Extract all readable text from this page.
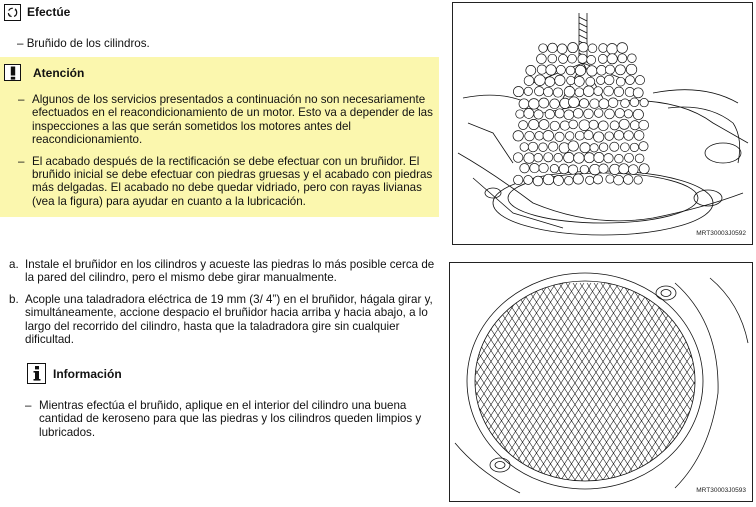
Efectúe
– Bruñido de los cilindros.
Atención
– Algunos de los servicios presentados a continuación no son necesariamente efectuados en el reacondicionamiento de un motor. Esto va a depender de las inspecciones a las que serán sometidos los motores antes del reacondicionamiento.
– El acabado después de la rectificación se debe efectuar con un bruñidor. El bruñido inicial se debe efectuar con piedras gruesas y el acabado con piedras más delgadas. El acabado no debe quedar vidriado, pero con rayas livianas (vea la figura) para ayudar en cuanto a la lubricación.
a. Instale el bruñidor en los cilindros y acueste las piedras lo más posible cerca de la pared del cilindro, pero el mismo debe girar manualmente.
b. Acople una taladradora eléctrica de 19 mm (3/ 4”) en el bruñidor, hágala girar y, simultáneamente, accione despacio el bruñidor hacia arriba y hacia abajo, a lo largo del recorrido del cilindro, hasta que la taladradora gire sin cualquier dificultad.
Información
– Mientras efectúa el bruñido, aplique en el interior del cilindro una buena cantidad de keroseno para que las piedras y los cilindros queden limpios y lubricados.
MRT30003J0592
MRT30003J0593
